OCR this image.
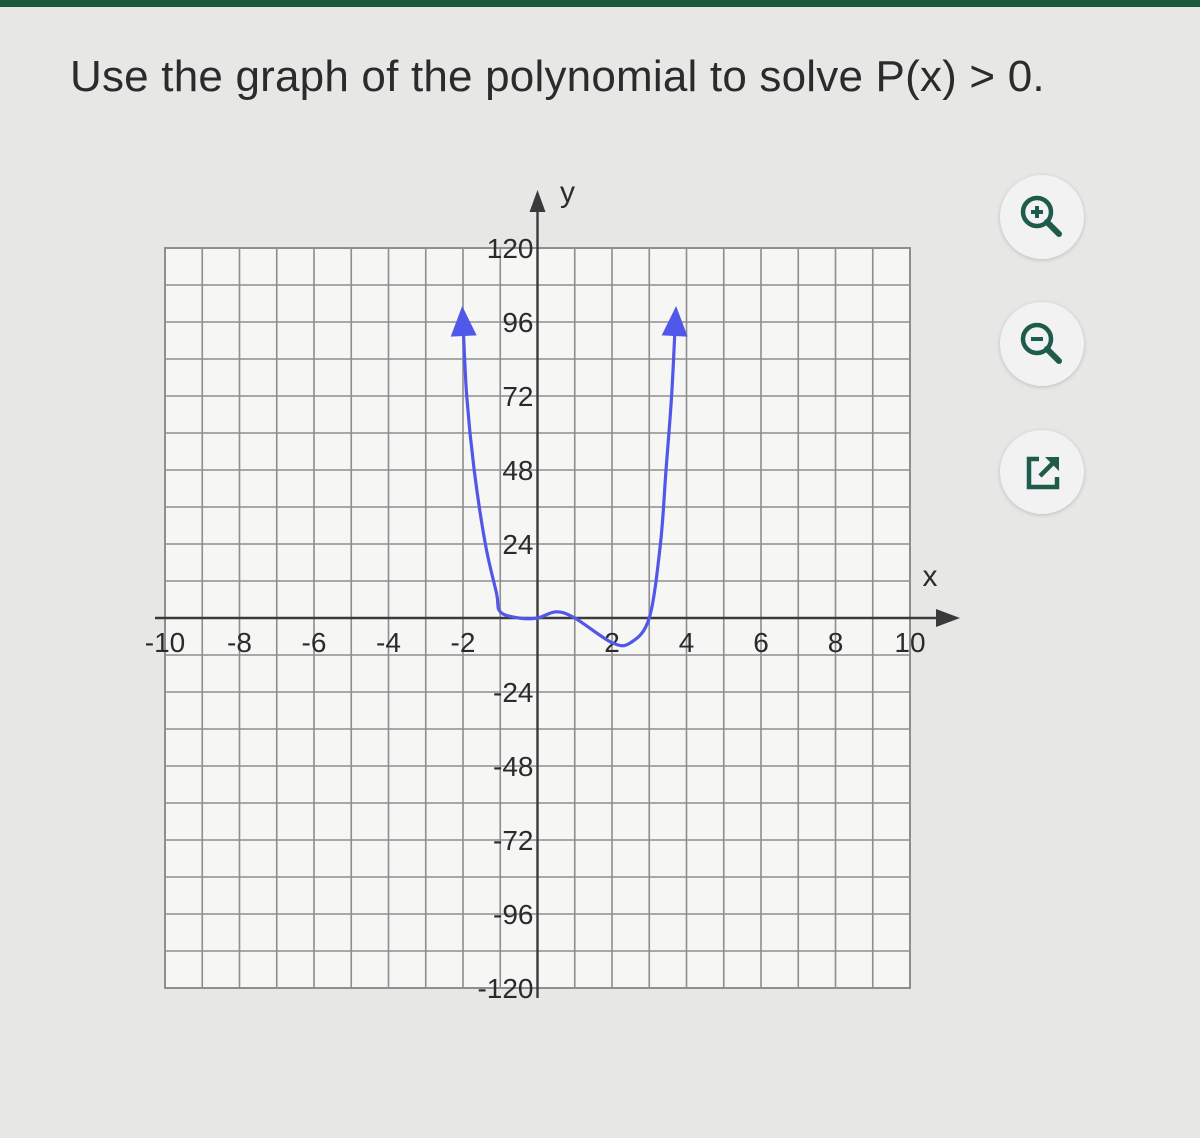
Use the graph of the polynomial to solve P(x) > 0.
x
y
-10 -8 -6 -4 -2	2 4 6 8 10
120
96
72
48
24
-24
-48
-72
-96
-120
